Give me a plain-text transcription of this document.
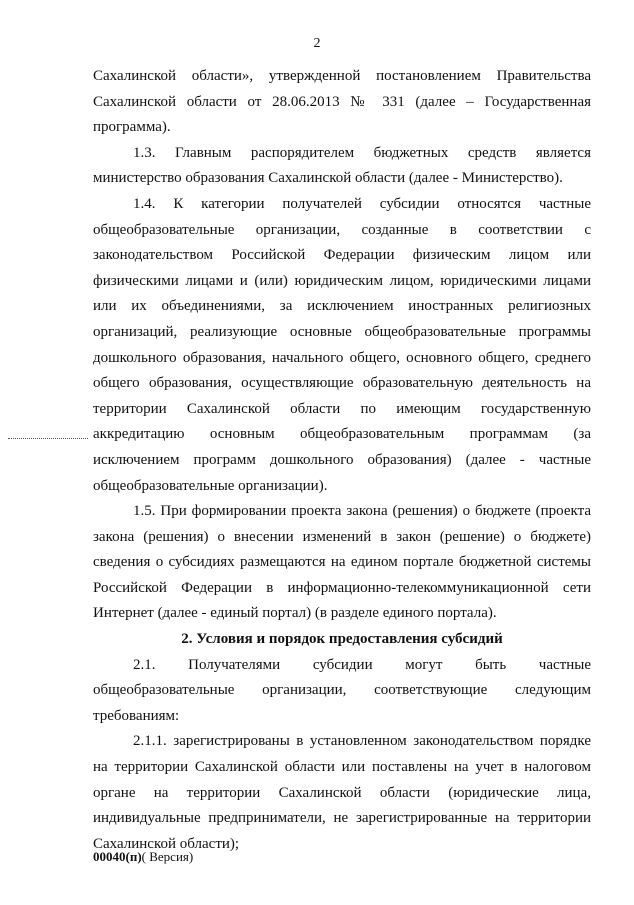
2

Сахалинской области», утвержденной постановлением Правительства Сахалинской области от 28.06.2013 № 331 (далее – Государственная программа).

1.3. Главным распорядителем бюджетных средств является министерство образования Сахалинской области (далее - Министерство).

1.4. К категории получателей субсидии относятся частные общеобразовательные организации, созданные в соответствии с законодательством Российской Федерации физическим лицом или физическими лицами и (или) юридическим лицом, юридическими лицами или их объединениями, за исключением иностранных религиозных организаций, реализующие основные общеобразовательные программы дошкольного образования, начального общего, основного общего, среднего общего образования, осуществляющие образовательную деятельность на территории Сахалинской области по имеющим государственную аккредитацию основным общеобразовательным программам (за исключением программ дошкольного образования) (далее - частные общеобразовательные организации).

1.5. При формировании проекта закона (решения) о бюджете (проекта закона (решения) о внесении изменений в закон (решение) о бюджете) сведения о субсидиях размещаются на едином портале бюджетной системы Российской Федерации в информационно-телекоммуникационной сети Интернет (далее - единый портал) (в разделе единого портала).

2. Условия и порядок предоставления субсидий

2.1. Получателями субсидии могут быть частные общеобразовательные организации, соответствующие следующим требованиям:

2.1.1. зарегистрированы в установленном законодательством порядке на территории Сахалинской области или поставлены на учет в налоговом органе на территории Сахалинской области (юридические лица, индивидуальные предприниматели, не зарегистрированные на территории Сахалинской области);

00040(п)( Версия)
